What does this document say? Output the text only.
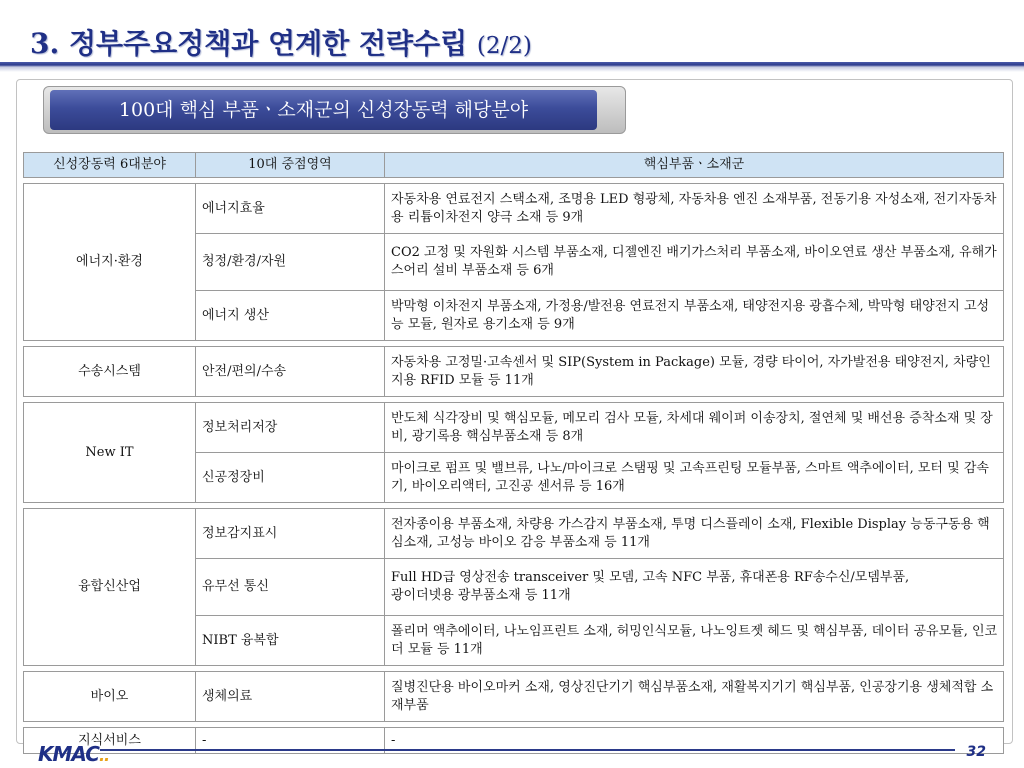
3. 정부주요정책과 연계한 전략수립 (2/2)
100대 핵심 부품ㆍ소재군의 신성장동력 해당분야
신성장동력 6대분야	10대 중점영역	핵심부품ㆍ소재군

에너지·환경	에너지효율	자동차용 연료전지 스택소재, 조명용 LED 형광체, 자동차용 엔진 소재부품, 전동기용 자성소재, 전기자동차용 리튬이차전지 양극 소재 등 9개
	청정/환경/자원	CO2 고정 및 자원화 시스템 부품소재, 디젤엔진 배기가스처리 부품소재, 바이오연료 생산 부품소재, 유해가스어리 설비 부품소재 등 6개
	에너지 생산	박막형 이차전지 부품소재, 가정용/발전용 연료전지 부품소재, 태양전지용 광흡수체, 박막형 태양전지 고성능 모듈, 원자로 용기소재 등 9개

수송시스템	안전/편의/수송	자동차용 고정밀·고속센서 및 SIP(System in Package) 모듈, 경량 타이어, 자가발전용 태양전지, 차량인지용 RFID 모듈 등 11개

New IT	정보처리저장	반도체 식각장비 및 핵심모듈, 메모리 검사 모듈, 차세대 웨이퍼 이송장치, 절연체 및 배선용 증착소재 및 장비, 광기록용 핵심부품소재 등 8개
	신공정장비	마이크로 펌프 및 밸브류, 나노/마이크로 스탬핑 및 고속프린팅 모듈부품, 스마트 액추에이터, 모터 및 감속기, 바이오리액터, 고진공 센서류 등 16개

융합신산업	정보감지표시	전자종이용 부품소재, 차량용 가스감지 부품소재, 투명 디스플레이 소재, Flexible Display 능동구동용 핵심소재, 고성능 바이오 감응 부품소재 등 11개
	유무선 통신	Full HD급 영상전송 transceiver 및 모뎀, 고속 NFC 부품, 휴대폰용 RF송수신/모뎀부품,
광이더넷용 광부품소재 등 11개

	NIBT 융복합	폴리머 액추에이터, 나노임프린트 소재, 허밍인식모듈, 나노잉트젯 헤드 및 핵심부품, 데이터 공유모듈, 인코더 모듈 등 11개

바이오	생체의료	질병진단용 바이오마커 소재, 영상진단기기 핵심부품소재, 재활복지기기 핵심부품, 인공장기용 생체적합 소재부품

지식서비스	-	-
KMAC..	32
